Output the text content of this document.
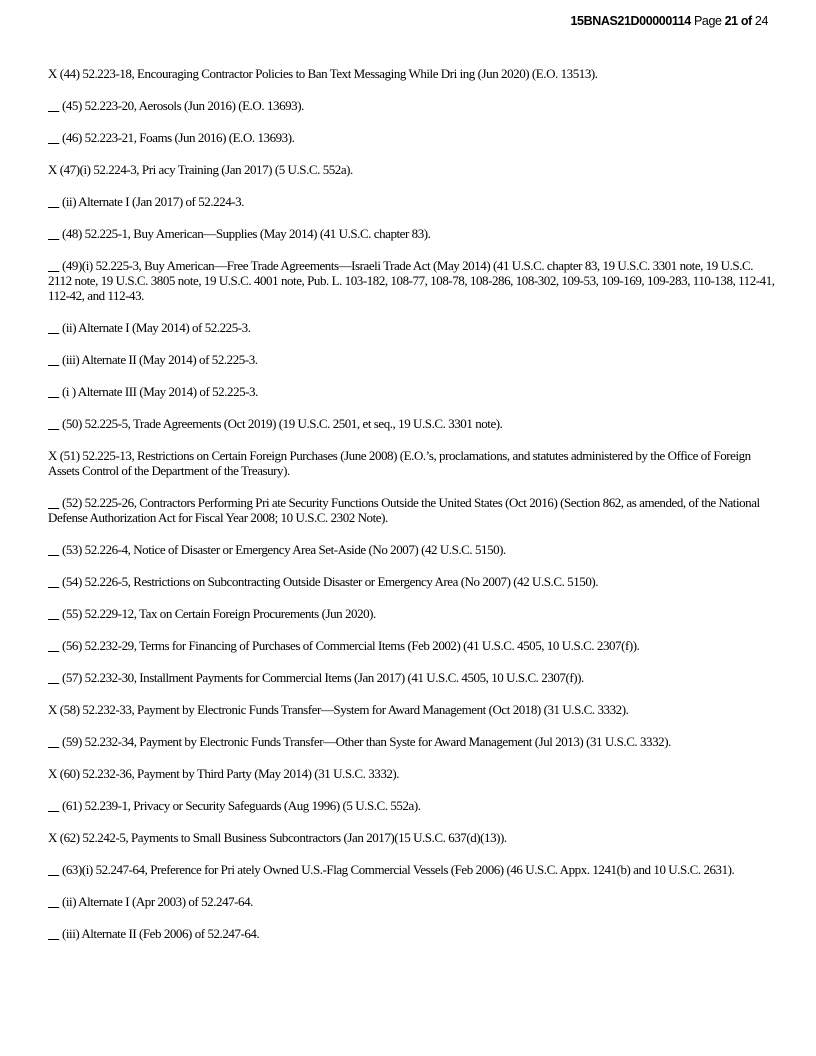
15BNAS21D00000114 Page 21 of 24
X (44) 52.223-18, Encouraging Contractor Policies to Ban Text Messaging While Dri ing (Jun 2020) (E.O. 13513).
(45) 52.223-20, Aerosols (Jun 2016) (E.O. 13693).
(46) 52.223-21, Foams (Jun 2016) (E.O. 13693).
X (47)(i) 52.224-3, Pri acy Training (Jan 2017) (5 U.S.C. 552a).
(ii) Alternate I (Jan 2017) of 52.224-3.
(48) 52.225-1, Buy American—Supplies (May 2014) (41 U.S.C. chapter 83).
(49)(i) 52.225-3, Buy American—Free Trade Agreements—Israeli Trade Act (May 2014) (41 U.S.C. chapter 83, 19 U.S.C. 3301 note, 19 U.S.C. 2112 note, 19 U.S.C. 3805 note, 19 U.S.C. 4001 note, Pub. L. 103-182, 108-77, 108-78, 108-286, 108-302, 109-53, 109-169, 109-283, 110-138, 112-41, 112-42, and 112-43.
(ii) Alternate I (May 2014) of 52.225-3.
(iii) Alternate II (May 2014) of 52.225-3.
(i ) Alternate III (May 2014) of 52.225-3.
(50) 52.225-5, Trade Agreements (Oct 2019) (19 U.S.C. 2501, et seq., 19 U.S.C. 3301 note).
X (51) 52.225-13, Restrictions on Certain Foreign Purchases (June 2008) (E.O.’s, proclamations, and statutes administered by the Office of Foreign Assets Control of the Department of the Treasury).
(52) 52.225-26, Contractors Performing Pri ate Security Functions Outside the United States (Oct 2016) (Section 862, as amended, of the National Defense Authorization Act for Fiscal Year 2008; 10 U.S.C. 2302 Note).
(53) 52.226-4, Notice of Disaster or Emergency Area Set-Aside (No 2007) (42 U.S.C. 5150).
(54) 52.226-5, Restrictions on Subcontracting Outside Disaster or Emergency Area (No 2007) (42 U.S.C. 5150).
(55) 52.229-12, Tax on Certain Foreign Procurements (Jun 2020).
(56) 52.232-29, Terms for Financing of Purchases of Commercial Items (Feb 2002) (41 U.S.C. 4505, 10 U.S.C. 2307(f)).
(57) 52.232-30, Installment Payments for Commercial Items (Jan 2017) (41 U.S.C. 4505, 10 U.S.C. 2307(f)).
X (58) 52.232-33, Payment by Electronic Funds Transfer—System for Award Management (Oct 2018) (31 U.S.C. 3332).
(59) 52.232-34, Payment by Electronic Funds Transfer—Other than Syste for Award Management (Jul 2013) (31 U.S.C. 3332).
X (60) 52.232-36, Payment by Third Party (May 2014) (31 U.S.C. 3332).
(61) 52.239-1, Privacy or Security Safeguards (Aug 1996) (5 U.S.C. 552a).
X (62) 52.242-5, Payments to Small Business Subcontractors (Jan 2017)(15 U.S.C. 637(d)(13)).
(63)(i) 52.247-64, Preference for Pri ately Owned U.S.-Flag Commercial Vessels (Feb 2006) (46 U.S.C. Appx. 1241(b) and 10 U.S.C. 2631).
(ii) Alternate I (Apr 2003) of 52.247-64.
(iii) Alternate II (Feb 2006) of 52.247-64.
